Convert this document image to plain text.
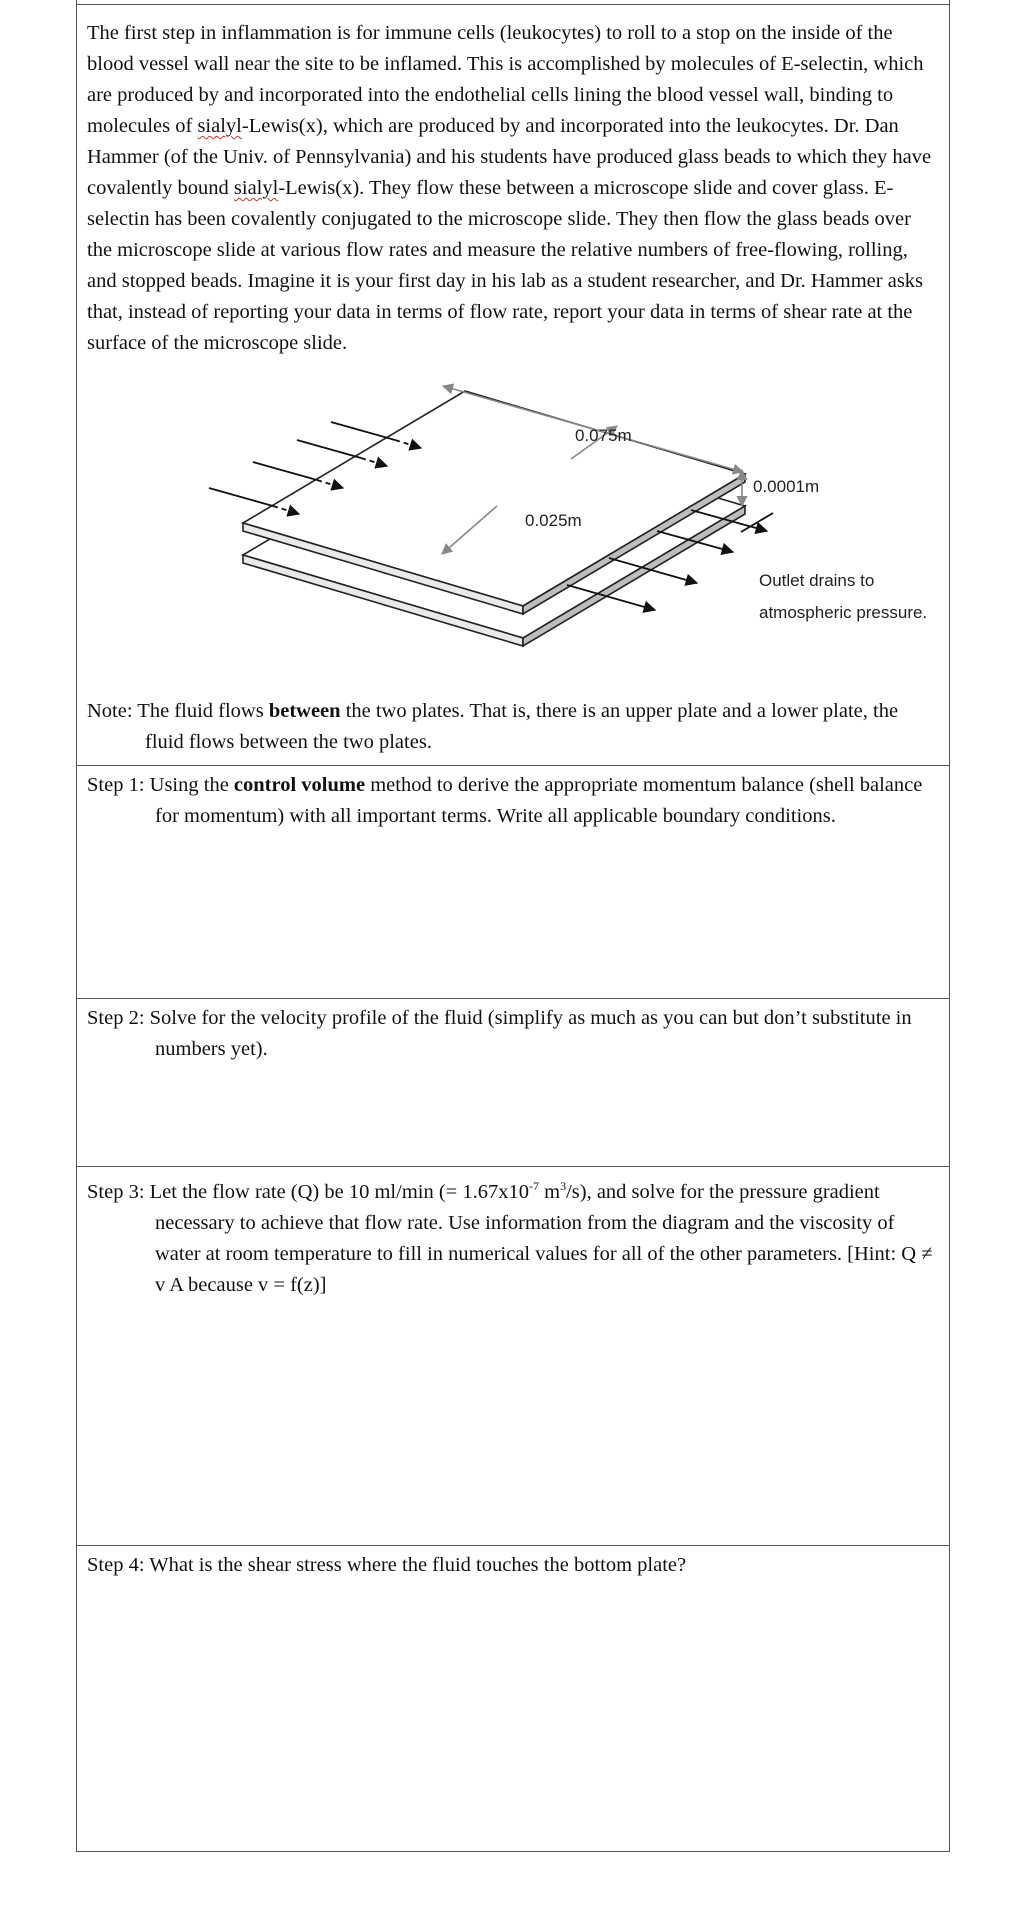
The first step in inflammation is for immune cells (leukocytes) to roll to a stop on the inside of the blood vessel wall near the site to be inflamed. This is accomplished by molecules of E-selectin, which are produced by and incorporated into the endothelial cells lining the blood vessel wall, binding to molecules of sialyl-Lewis(x), which are produced by and incorporated into the leukocytes. Dr. Dan Hammer (of the Univ. of Pennsylvania) and his students have produced glass beads to which they have covalently bound sialyl-Lewis(x). They flow these between a microscope slide and cover glass. E-selectin has been covalently conjugated to the microscope slide. They then flow the glass beads over the microscope slide at various flow rates and measure the relative numbers of free-flowing, rolling, and stopped beads. Imagine it is your first day in his lab as a student researcher, and Dr. Hammer asks that, instead of reporting your data in terms of flow rate, report your data in terms of shear rate at the surface of the microscope slide.

0.075m
0.025m
0.0001m
Outlet drains to
atmospheric pressure.

Note: The fluid flows between the two plates. That is, there is an upper plate and a lower plate, the fluid flows between the two plates.

Step 1: Using the control volume method to derive the appropriate momentum balance (shell balance for momentum) with all important terms. Write all applicable boundary conditions.

Step 2: Solve for the velocity profile of the fluid (simplify as much as you can but don’t substitute in numbers yet).

Step 3: Let the flow rate (Q) be 10 ml/min (= $1.67x10^{-7}$ $m^3/s$), and solve for the pressure gradient necessary to achieve that flow rate. Use information from the diagram and the viscosity of water at room temperature to fill in numerical values for all of the other parameters. [Hint: Q ≠ v A because v = f(z)]

Step 4: What is the shear stress where the fluid touches the bottom plate?
